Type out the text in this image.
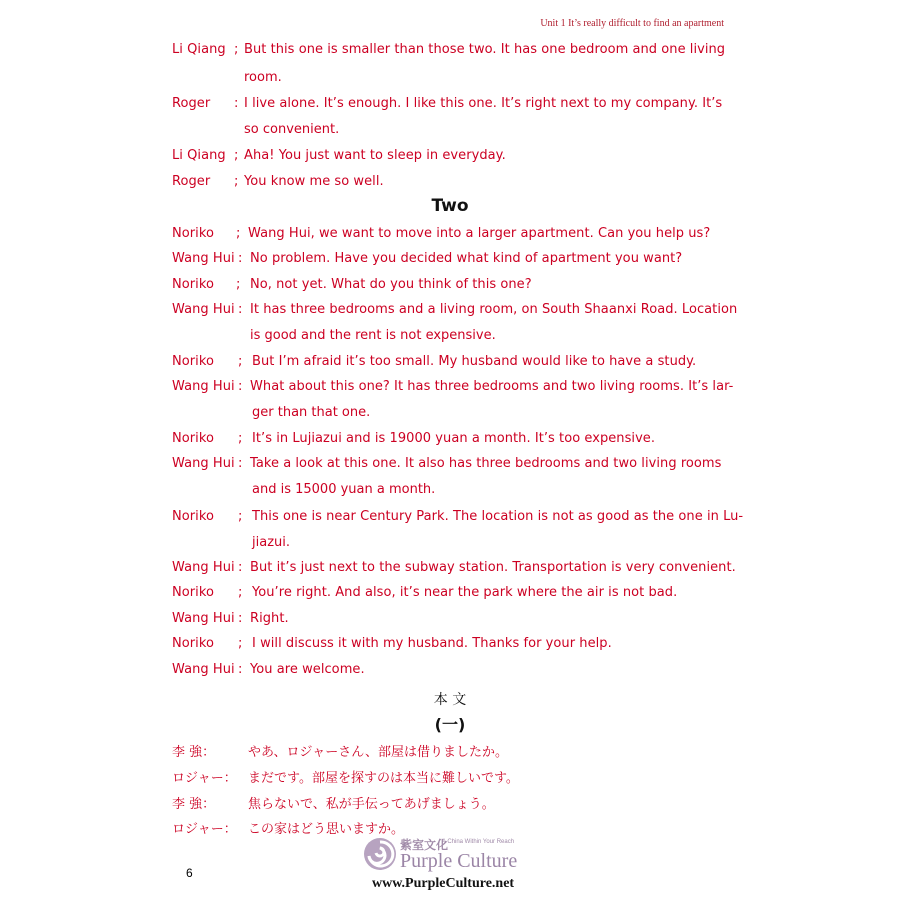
Unit 1 It’s really difficult to find an apartment
Li Qiang ; But this one is smaller than those two. It has one bedroom and one living
room.
Roger : I live alone. It’s enough. I like this one. It’s right next to my company. It’s
so convenient.
Li Qiang ; Aha! You just want to sleep in everyday.
Roger ; You know me so well.
Two
Noriko ; Wang Hui, we want to move into a larger apartment. Can you help us?
Wang Hui : No problem. Have you decided what kind of apartment you want?
Noriko ; No, not yet. What do you think of this one?
Wang Hui : It has three bedrooms and a living room, on South Shaanxi Road. Location
is good and the rent is not expensive.
Noriko ; But I’m afraid it’s too small. My husband would like to have a study.
Wang Hui : What about this one? It has three bedrooms and two living rooms. It’s lar-
ger than that one.
Noriko ; It’s in Lujiazui and is 19000 yuan a month. It’s too expensive.
Wang Hui : Take a look at this one. It also has three bedrooms and two living rooms
and is 15000 yuan a month.
Noriko ; This one is near Century Park. The location is not as good as the one in Lu-
jiazui.
Wang Hui : But it’s just next to the subway station. Transportation is very convenient.
Noriko ; You’re right. And also, it’s near the park where the air is not bad.
Wang Hui : Right.
Noriko ; I will discuss it with my husband. Thanks for your help.
Wang Hui : You are welcome.
本 文
(一)
李 強：	やあ、ロジャーさん、部屋は借りましたか。
ロジャー： まだです。部屋を探すのは本当に難しいです。
李 強：	焦らないで、私が手伝ってあげましょう。
ロジャー： この家はどう思いますか。
6
紫室文化
A China Within Your Reach
Purple Culture
www.PurpleCulture.net
